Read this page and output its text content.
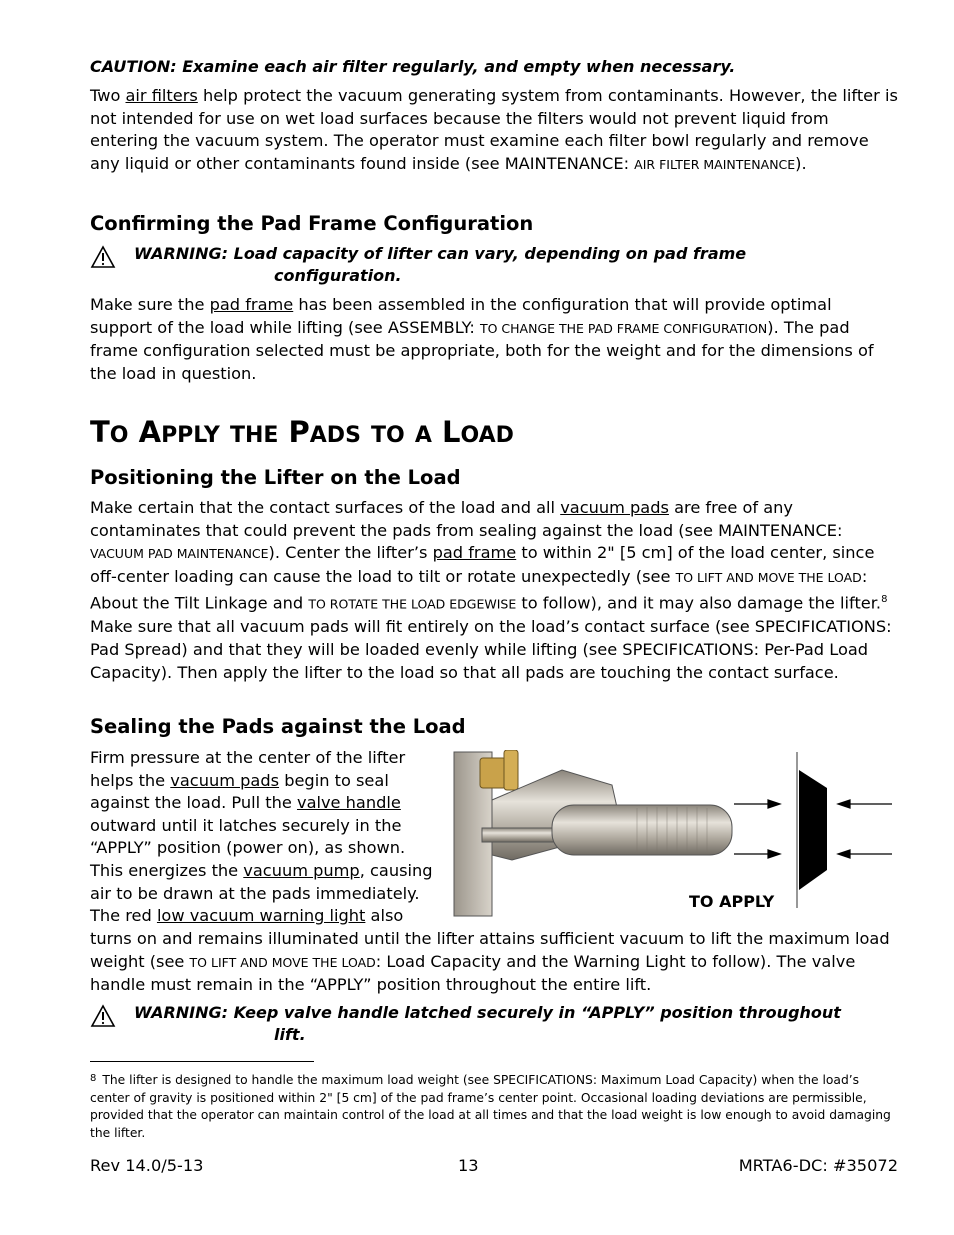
CAUTION: Examine each air filter regularly, and empty when necessary.

Two air filters help protect the vacuum generating system from contaminants. However, the lifter is not intended for use on wet load surfaces because the filters would not prevent liquid from entering the vacuum system. The operator must examine each filter bowl regularly and remove any liquid or other contaminants found inside (see MAINTENANCE: AIR FILTER MAINTENANCE).

Confirming the Pad Frame Configuration
WARNING: Load capacity of lifter can vary, depending on pad frame
configuration.

Make sure the pad frame has been assembled in the configuration that will provide optimal support of the load while lifting (see ASSEMBLY: TO CHANGE THE PAD FRAME CONFIGURATION). The pad frame configuration selected must be appropriate, both for the weight and for the dimensions of the load in question.

TO APPLY THE PADS TO A LOAD
Positioning the Lifter on the Load

Make certain that the contact surfaces of the load and all vacuum pads are free of any contaminates that could prevent the pads from sealing against the load (see MAINTENANCE: VACUUM PAD MAINTENANCE). Center the lifter’s pad frame to within 2" [5 cm] of the load center, since off-center loading can cause the load to tilt or rotate unexpectedly (see TO LIFT AND MOVE THE LOAD: About the Tilt Linkage and TO ROTATE THE LOAD EDGEWISE to follow), and it may also damage the lifter.$^8$ Make sure that all vacuum pads will fit entirely on the load’s contact surface (see SPECIFICATIONS: Pad Spread) and that they will be loaded evenly while lifting (see SPECIFICATIONS: Per-Pad Load Capacity). Then apply the lifter to the load so that all pads are touching the contact surface.

Sealing the Pads against the Load

Firm pressure at the center of the lifter
helps the vacuum pads begin to seal
against the load. Pull the valve handle
outward until it latches securely in the
“APPLY” position (power on), as shown.
This energizes the vacuum pump, causing
air to be drawn at the pads immediately.
The red low vacuum warning light also

turns on and remains illuminated until the lifter attains sufficient vacuum to lift the maximum load weight (see TO LIFT AND MOVE THE LOAD: Load Capacity and the Warning Light to follow). The valve handle must remain in the “APPLY” position throughout the entire lift.

TO APPLY
WARNING: Keep valve handle latched securely in “APPLY” position throughout
lift.
$^8$ The lifter is designed to handle the maximum load weight (see SPECIFICATIONS: Maximum Load Capacity) when the load’s center of gravity is positioned within 2" [5 cm] of the pad frame’s center point. Occasional loading deviations are permissible, provided that the operator can maintain control of the load at all times and that the load weight is low enough to avoid damaging the lifter.
Rev 14.0/5-13	13	MRTA6-DC: #35072
